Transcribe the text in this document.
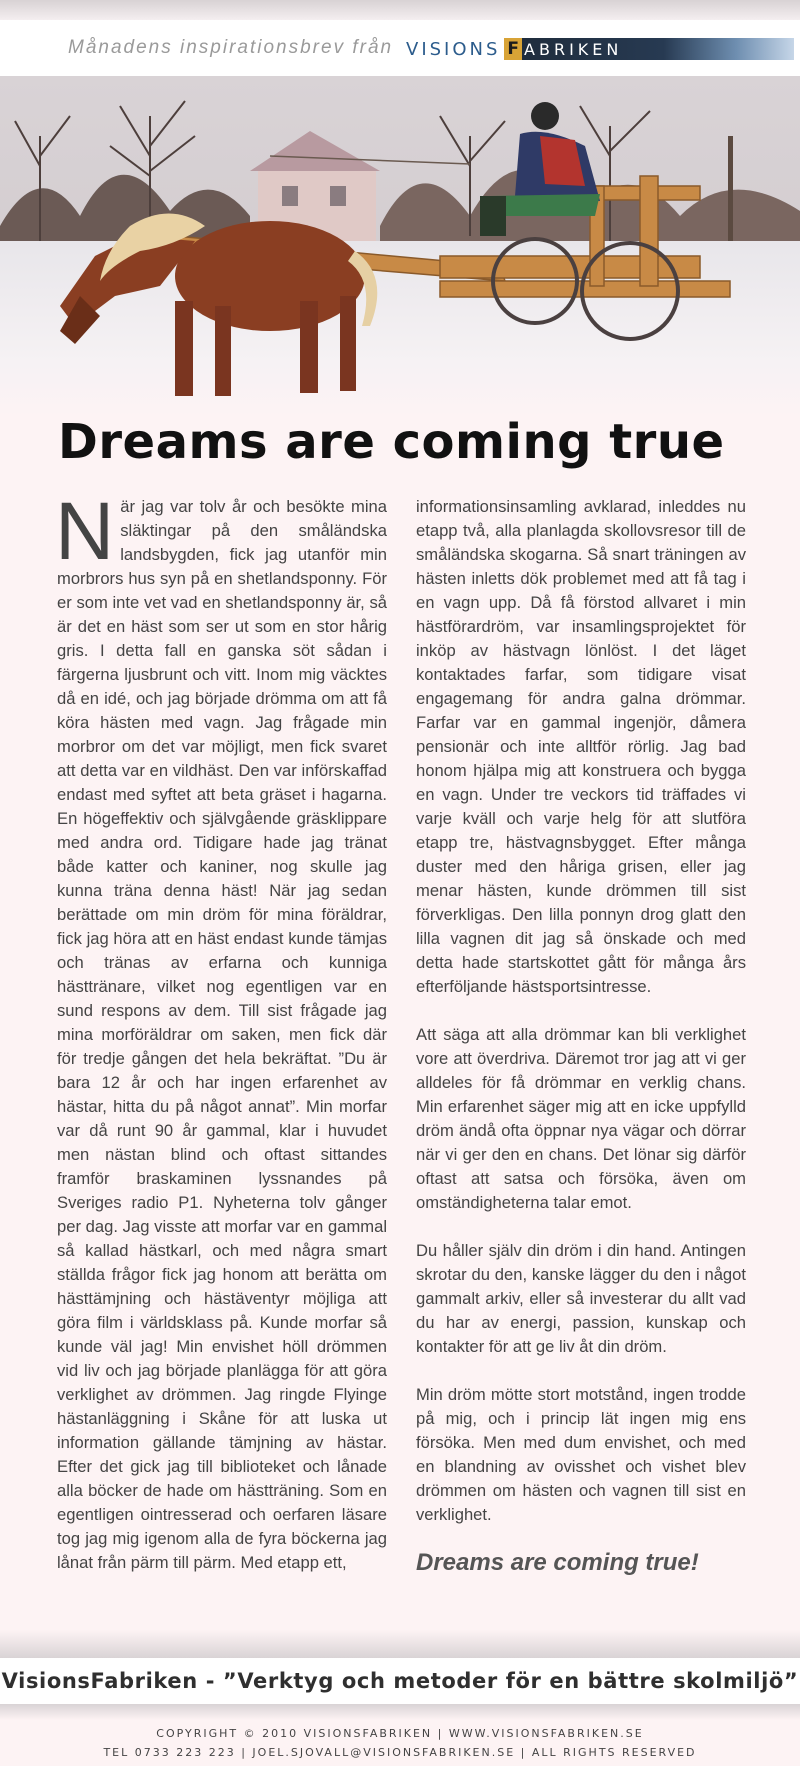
Månadens inspirationsbrev från VISIONS F ABRIKEN
Dreams are coming true

När jag var tolv år och besökte mina släktingar på den småländska landsbygden, fick jag utanför min morbrors hus syn på en shetlandsponny. För er som inte vet vad en shetlandsponny är, så är det en häst som ser ut som en stor hårig gris. I detta fall en ganska söt sådan i färgerna ljusbrunt och vitt. Inom mig väcktes då en idé, och jag började drömma om att få köra hästen med vagn. Jag frågade min morbror om det var möjligt, men fick svaret att detta var en vildhäst. Den var införskaffad endast med syftet att beta gräset i hagarna. En högeffektiv och självgående gräsklippare med andra ord. Tidigare hade jag tränat både katter och kaniner, nog skulle jag kunna träna denna häst! När jag sedan berättade om min dröm för mina föräldrar, fick jag höra att en häst endast kunde tämjas och tränas av erfarna och kunniga hästtränare, vilket nog egentligen var en sund respons av dem. Till sist frågade jag mina morföräldrar om saken, men fick där för tredje gången det hela bekräftat. ”Du är bara 12 år och har ingen erfarenhet av hästar, hitta du på något annat”. Min morfar var då runt 90 år gammal, klar i huvudet men nästan blind och oftast sittandes framför braskaminen lyssnandes på Sveriges radio P1. Nyheterna tolv gånger per dag. Jag visste att morfar var en gammal så kallad hästkarl, och med några smart ställda frågor fick jag honom att berätta om hästtämjning och hästäventyr möjliga att göra film i världsklass på. Kunde morfar så kunde väl jag! Min envishet höll drömmen vid liv och jag började planlägga för att göra verklighet av drömmen. Jag ringde Flyinge hästanläggning i Skåne för att luska ut information gällande tämjning av hästar. Efter det gick jag till biblioteket och lånade alla böcker de hade om hästträning. Som en egentligen ointresserad och oerfaren läsare tog jag mig igenom alla de fyra böckerna jag lånat från pärm till pärm. Med etapp ett,

informationsinsamling avklarad, inleddes nu etapp två, alla planlagda skollovsresor till de småländska skogarna. Så snart träningen av hästen inletts dök problemet med att få tag i en vagn upp. Då få förstod allvaret i min hästförardröm, var insamlingsprojektet för inköp av hästvagn lönlöst. I det läget kontaktades farfar, som tidigare visat engagemang för andra galna drömmar. Farfar var en gammal ingenjör, dåmera pensionär och inte alltför rörlig. Jag bad honom hjälpa mig att konstruera och bygga en vagn. Under tre veckors tid träffades vi varje kväll och varje helg för att slutföra etapp tre, hästvagnsbygget. Efter många duster med den håriga grisen, eller jag menar hästen, kunde drömmen till sist förverkligas. Den lilla ponnyn drog glatt den lilla vagnen dit jag så önskade och med detta hade startskottet gått för många års efterföljande hästsportsintresse.

Att säga att alla drömmar kan bli verklighet vore att överdriva. Däremot tror jag att vi ger alldeles för få drömmar en verklig chans. Min erfarenhet säger mig att en icke uppfylld dröm ändå ofta öppnar nya vägar och dörrar när vi ger den en chans. Det lönar sig därför oftast att satsa och försöka, även om omständigheterna talar emot.

Du håller själv din dröm i din hand. Antingen skrotar du den, kanske lägger du den i något gammalt arkiv, eller så investerar du allt vad du har av energi, passion, kunskap och kontakter för att ge liv åt din dröm.

Min dröm mötte stort motstånd, ingen trodde på mig, och i princip lät ingen mig ens försöka. Men med dum envishet, och med en blandning av ovisshet och vishet blev drömmen om hästen och vagnen till sist en verklighet.

Dreams are coming true!
VisionsFabriken - ”Verktyg och metoder för en bättre skolmiljö”
COPYRIGHT © 2010 VISIONSFABRIKEN | WWW.VISIONSFABRIKEN.SE
TEL 0733 223 223 | JOEL.SJOVALL@VISIONSFABRIKEN.SE | ALL RIGHTS RESERVED
